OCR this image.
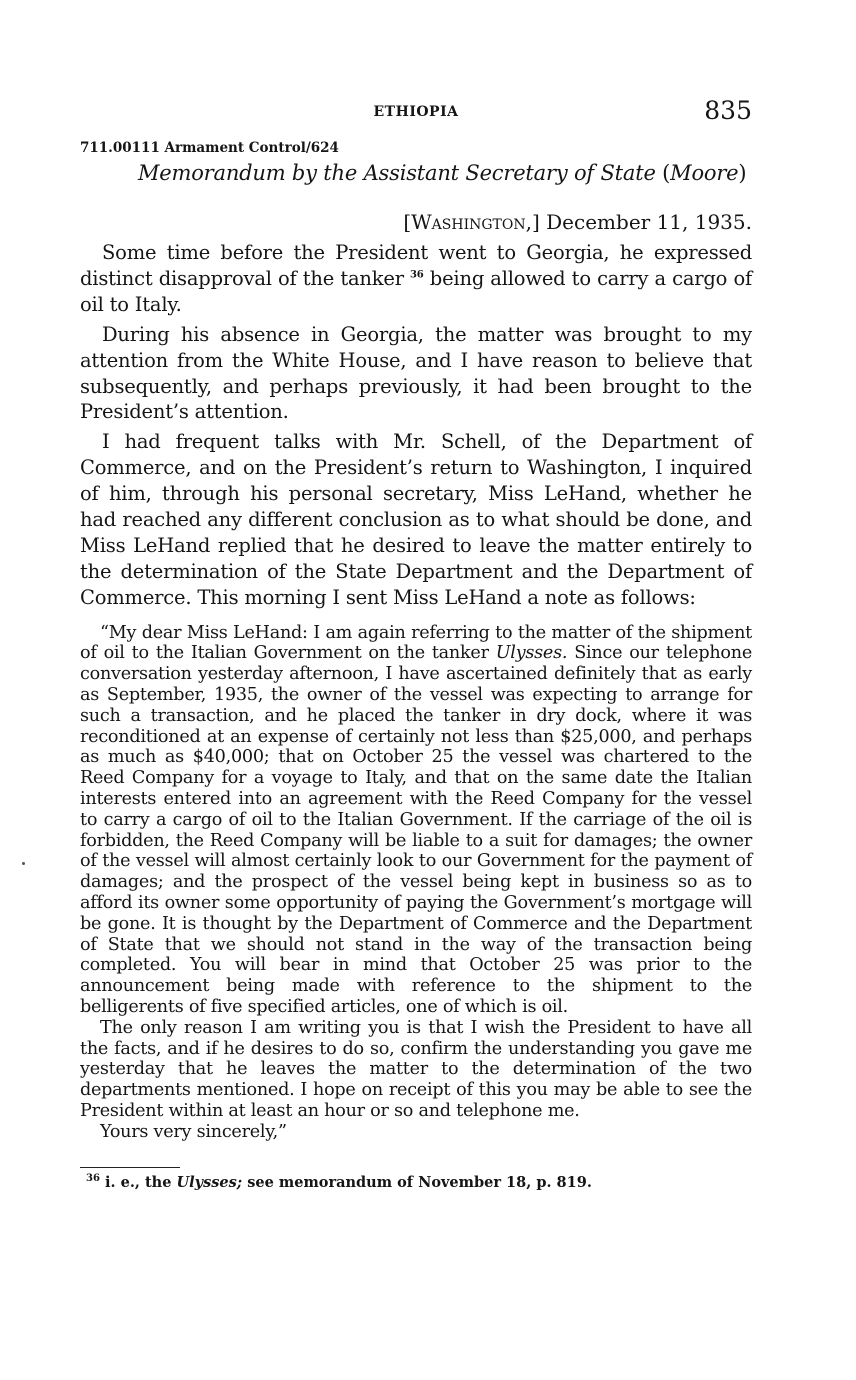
ETHIOPIA	835
711.00111 Armament Control/624
Memorandum by the Assistant Secretary of State (Moore)
[Washington,] December 11, 1935.

Some time before the President went to Georgia, he expressed distinct disapproval of the tanker $^{36}$ being allowed to carry a cargo of oil to Italy.

During his absence in Georgia, the matter was brought to my attention from the White House, and I have reason to believe that subsequently, and perhaps previously, it had been brought to the President’s attention.

I had frequent talks with Mr. Schell, of the Department of Commerce, and on the President’s return to Washington, I inquired of him, through his personal secretary, Miss LeHand, whether he had reached any different conclusion as to what should be done, and Miss LeHand replied that he desired to leave the matter entirely to the determination of the State Department and the Department of Commerce. This morning I sent Miss LeHand a note as follows:

“My dear Miss LeHand: I am again referring to the matter of the shipment of oil to the Italian Government on the tanker Ulysses. Since our telephone conversation yesterday afternoon, I have ascertained definitely that as early as September, 1935, the owner of the vessel was expecting to arrange for such a transaction, and he placed the tanker in dry dock, where it was reconditioned at an expense of certainly not less than $25,000, and perhaps as much as $40,000; that on October 25 the vessel was chartered to the Reed Company for a voyage to Italy, and that on the same date the Italian interests entered into an agreement with the Reed Company for the vessel to carry a cargo of oil to the Italian Government. If the carriage of the oil is forbidden, the Reed Company will be liable to a suit for damages; the owner of the vessel will almost certainly look to our Government for the payment of damages; and the prospect of the vessel being kept in business so as to afford its owner some opportunity of paying the Government’s mortgage will be gone. It is thought by the Department of Commerce and the Department of State that we should not stand in the way of the transaction being completed. You will bear in mind that October 25 was prior to the announcement being made with reference to the shipment to the belligerents of five specified articles, one of which is oil.

The only reason I am writing you is that I wish the President to have all the facts, and if he desires to do so, confirm the understanding you gave me yesterday that he leaves the matter to the determination of the two departments mentioned. I hope on receipt of this you may be able to see the President within at least an hour or so and telephone me.

Yours very sincerely,”

$^{36}$ i. e., the Ulysses; see memorandum of November 18, p. 819.
